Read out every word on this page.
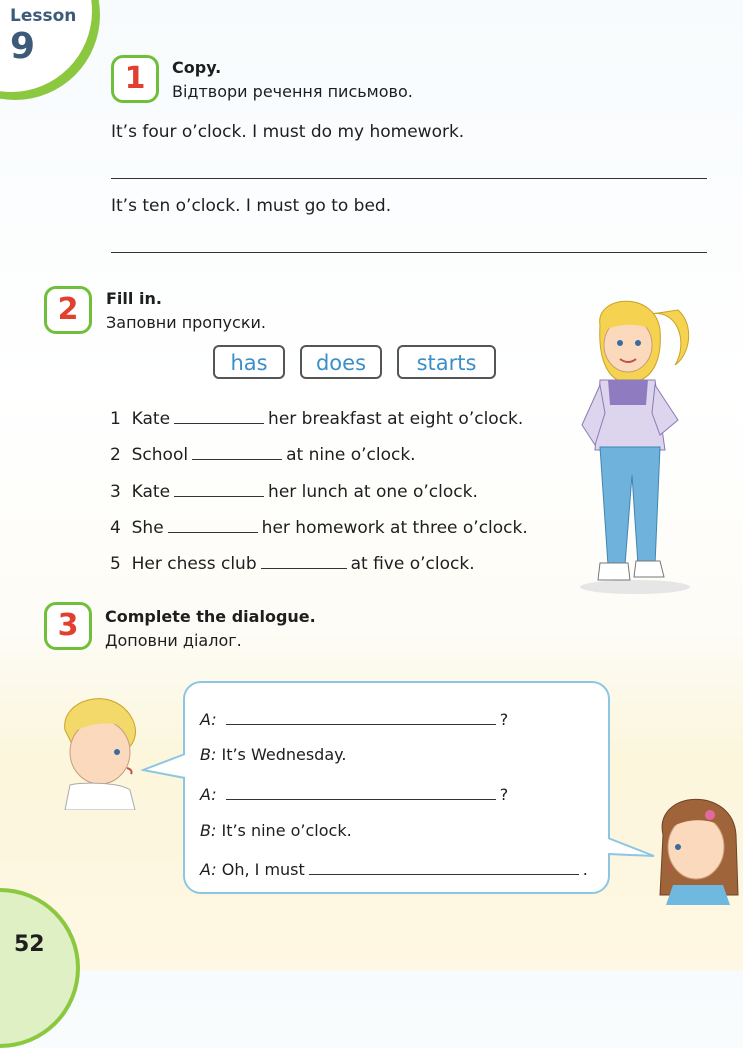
Lesson
9
1	Copy.
Відтвори речення письмово.
It’s four o’clock. I must do my homework.
It’s ten o’clock. I must go to bed.
2	Fill in.
Заповни пропуски.
has	does	starts
1 Kate	her breakfast at eight o’clock.
2 School	at nine o’clock.
3 Kate	her lunch at one o’clock.
4 She	her homework at three o’clock.
5 Her chess club	at five o’clock.
3	Complete the dialogue.
Доповни діалог.
A:	?
B: It’s Wednesday.
A:	?
B: It’s nine o’clock.
A: Oh, I must	.
52
